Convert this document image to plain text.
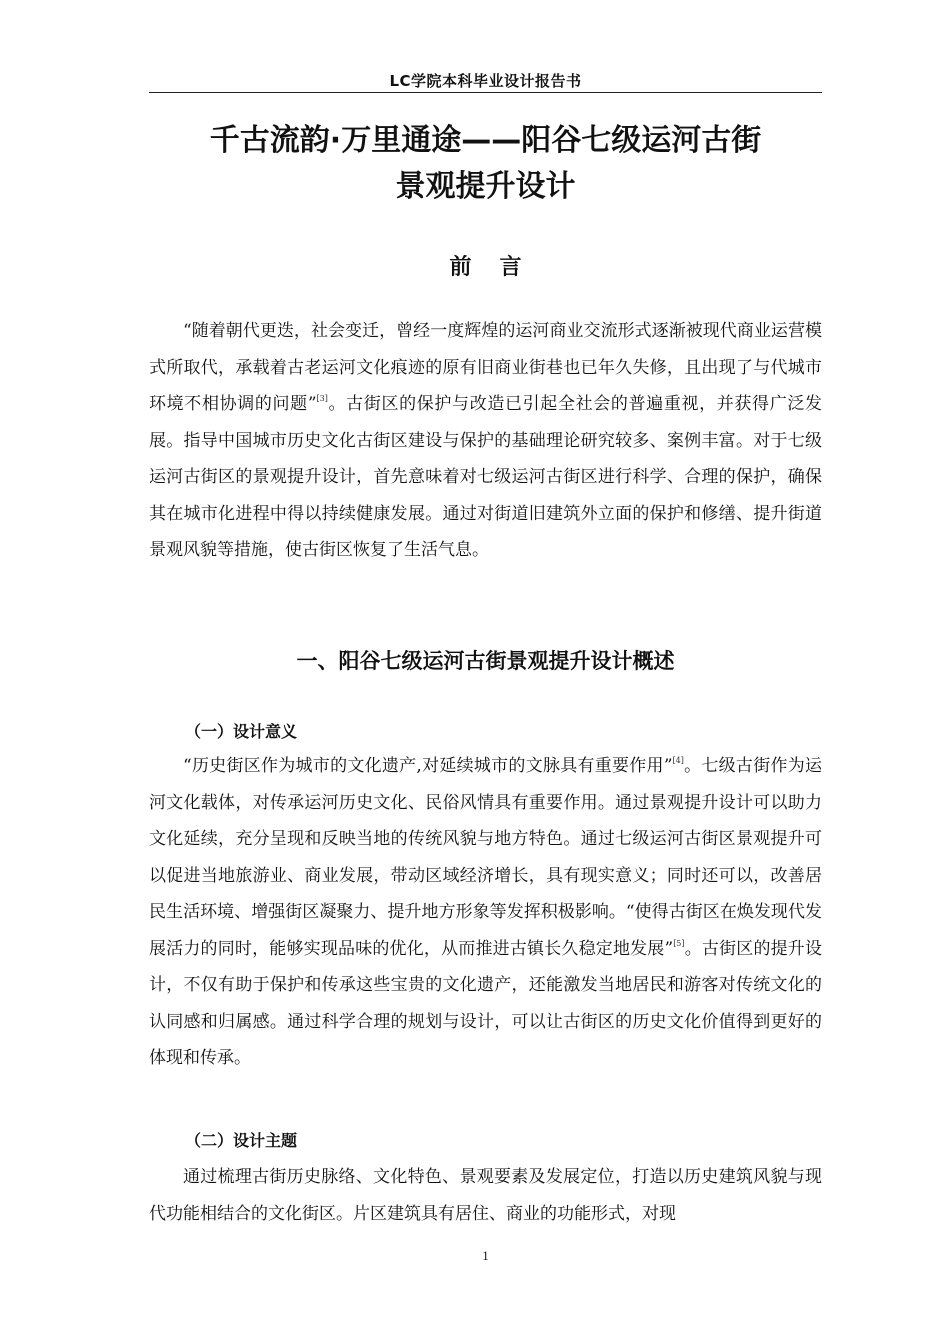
LC学院本科毕业设计报告书
千古流韵·万里通途——阳谷七级运河古街
景观提升设计
前言

“随着朝代更迭，社会变迁，曾经一度辉煌的运河商业交流形式逐渐被现代商业运营模式所取代，承载着古老运河文化痕迹的原有旧商业街巷也已年久失修，且出现了与代城市环境不相协调的问题”[3]。古街区的保护与改造已引起全社会的普遍重视，并获得广泛发展。指导中国城市历史文化古街区建设与保护的基础理论研究较多、案例丰富。对于七级运河古街区的景观提升设计，首先意味着对七级运河古街区进行科学、合理的保护，确保其在城市化进程中得以持续健康发展。通过对街道旧建筑外立面的保护和修缮、提升街道景观风貌等措施，使古街区恢复了生活气息。

一、阳谷七级运河古街景观提升设计概述
（一）设计意义

“历史街区作为城市的文化遗产,对延续城市的文脉具有重要作用”[4]。七级古街作为运河文化载体，对传承运河历史文化、民俗风情具有重要作用。通过景观提升设计可以助力文化延续，充分呈现和反映当地的传统风貌与地方特色。通过七级运河古街区景观提升可以促进当地旅游业、商业发展，带动区域经济增长，具有现实意义；同时还可以，改善居民生活环境、增强街区凝聚力、提升地方形象等发挥积极影响。“使得古街区在焕发现代发展活力的同时，能够实现品味的优化，从而推进古镇长久稳定地发展”[5]。古街区的提升设计，不仅有助于保护和传承这些宝贵的文化遗产，还能激发当地居民和游客对传统文化的认同感和归属感。通过科学合理的规划与设计，可以让古街区的历史文化价值得到更好的体现和传承。

（二）设计主题

通过梳理古街历史脉络、文化特色、景观要素及发展定位，打造以历史建筑风貌与现代功能相结合的文化街区。片区建筑具有居住、商业的功能形式，对现

1
